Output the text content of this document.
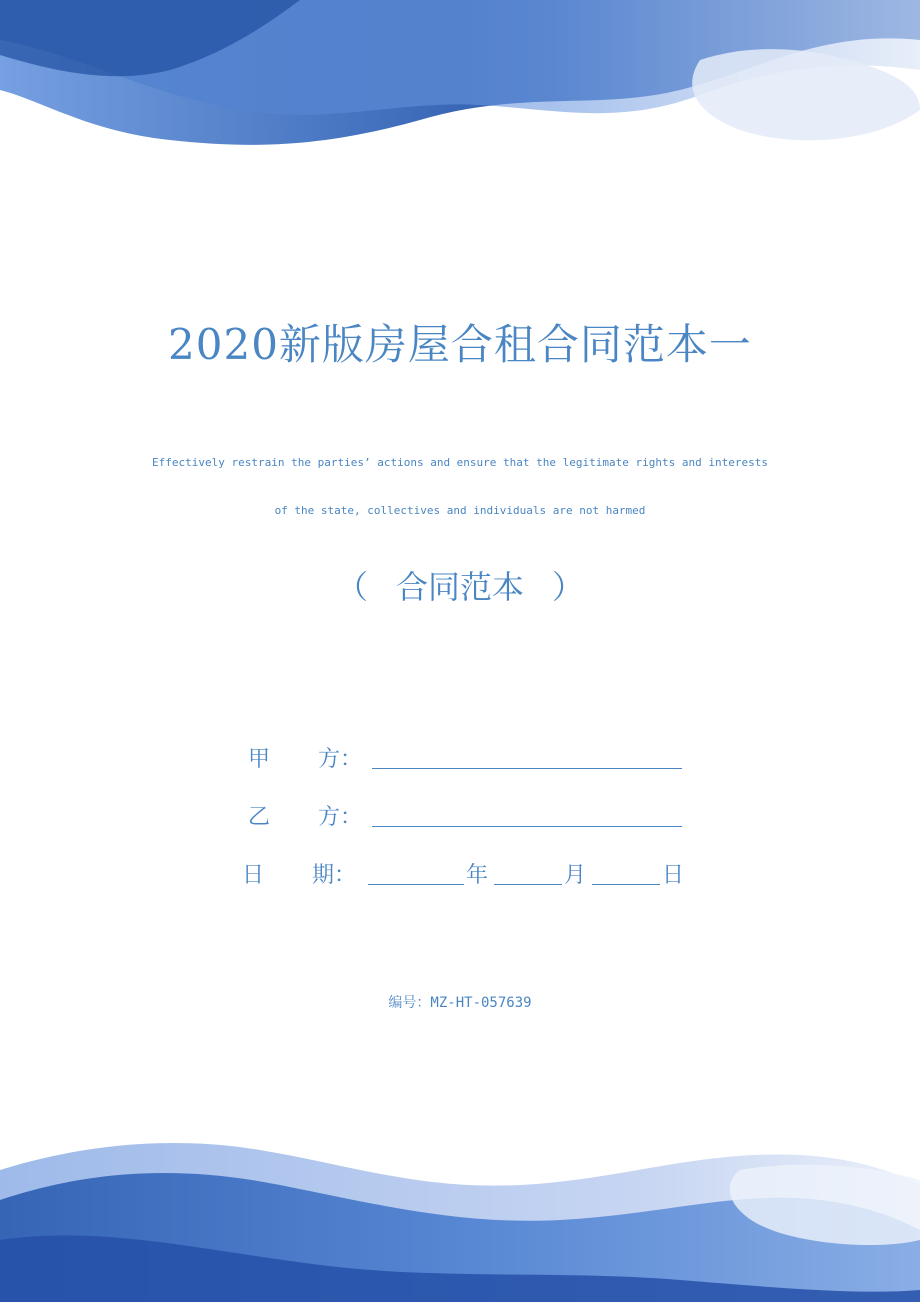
2020新版房屋合租合同范本一
Effectively restrain the parties’ actions and ensure that the legitimate rights and interests
of the state, collectives and individuals are not harmed
（ 合同范本 ）
甲 方：
乙 方：
日 期：	年	月	日
编号：MZ-HT-057639
